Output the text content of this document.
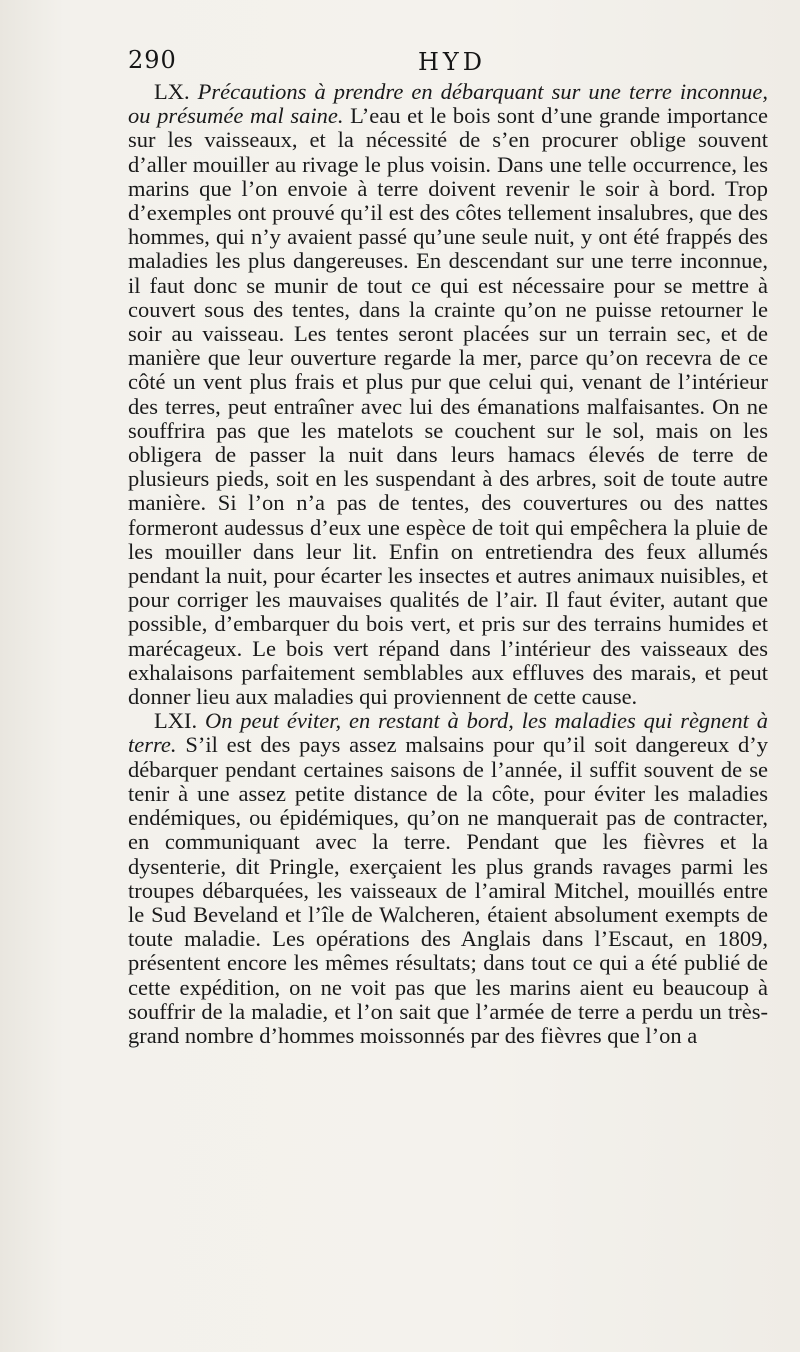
290	HYD

LX. Précautions à prendre en débarquant sur une terre inconnue, ou présumée mal saine. L’eau et le bois sont d’une grande importance sur les vaisseaux, et la nécessité de s’en procurer oblige souvent d’aller mouiller au rivage le plus voisin. Dans une telle occurrence, les marins que l’on envoie à terre doivent revenir le soir à bord. Trop d’exemples ont prouvé qu’il est des côtes tellement insalubres, que des hommes, qui n’y avaient passé qu’une seule nuit, y ont été frappés des maladies les plus dangereuses. En descendant sur une terre inconnue, il faut donc se munir de tout ce qui est nécessaire pour se mettre à couvert sous des tentes, dans la crainte qu’on ne puisse retourner le soir au vaisseau. Les tentes seront placées sur un terrain sec, et de manière que leur ouverture regarde la mer, parce qu’on recevra de ce côté un vent plus frais et plus pur que celui qui, venant de l’intérieur des terres, peut entraîner avec lui des émanations malfaisantes. On ne souffrira pas que les matelots se couchent sur le sol, mais on les obligera de passer la nuit dans leurs hamacs élevés de terre de plusieurs pieds, soit en les suspendant à des arbres, soit de toute autre manière. Si l’on n’a pas de tentes, des couvertures ou des nattes formeront audessus d’eux une espèce de toit qui empêchera la pluie de les mouiller dans leur lit. Enfin on entretiendra des feux allumés pendant la nuit, pour écarter les insectes et autres animaux nuisibles, et pour corriger les mauvaises qualités de l’air. Il faut éviter, autant que possible, d’embarquer du bois vert, et pris sur des terrains humides et marécageux. Le bois vert répand dans l’intérieur des vaisseaux des exhalaisons parfaitement semblables aux effluves des marais, et peut donner lieu aux maladies qui proviennent de cette cause.

LXI. On peut éviter, en restant à bord, les maladies qui règnent à terre. S’il est des pays assez malsains pour qu’il soit dangereux d’y débarquer pendant certaines saisons de l’année, il suffit souvent de se tenir à une assez petite distance de la côte, pour éviter les maladies endémiques, ou épidémiques, qu’on ne manquerait pas de contracter, en communiquant avec la terre. Pendant que les fièvres et la dysenterie, dit Pringle, exerçaient les plus grands ravages parmi les troupes débarquées, les vaisseaux de l’amiral Mitchel, mouillés entre le Sud Beveland et l’île de Walcheren, étaient absolument exempts de toute maladie. Les opérations des Anglais dans l’Escaut, en 1809, présentent encore les mêmes résultats; dans tout ce qui a été publié de cette expédition, on ne voit pas que les marins aient eu beaucoup à souffrir de la maladie, et l’on sait que l’armée de terre a perdu un très-grand nombre d’hommes moissonnés par des fièvres que l’on a
